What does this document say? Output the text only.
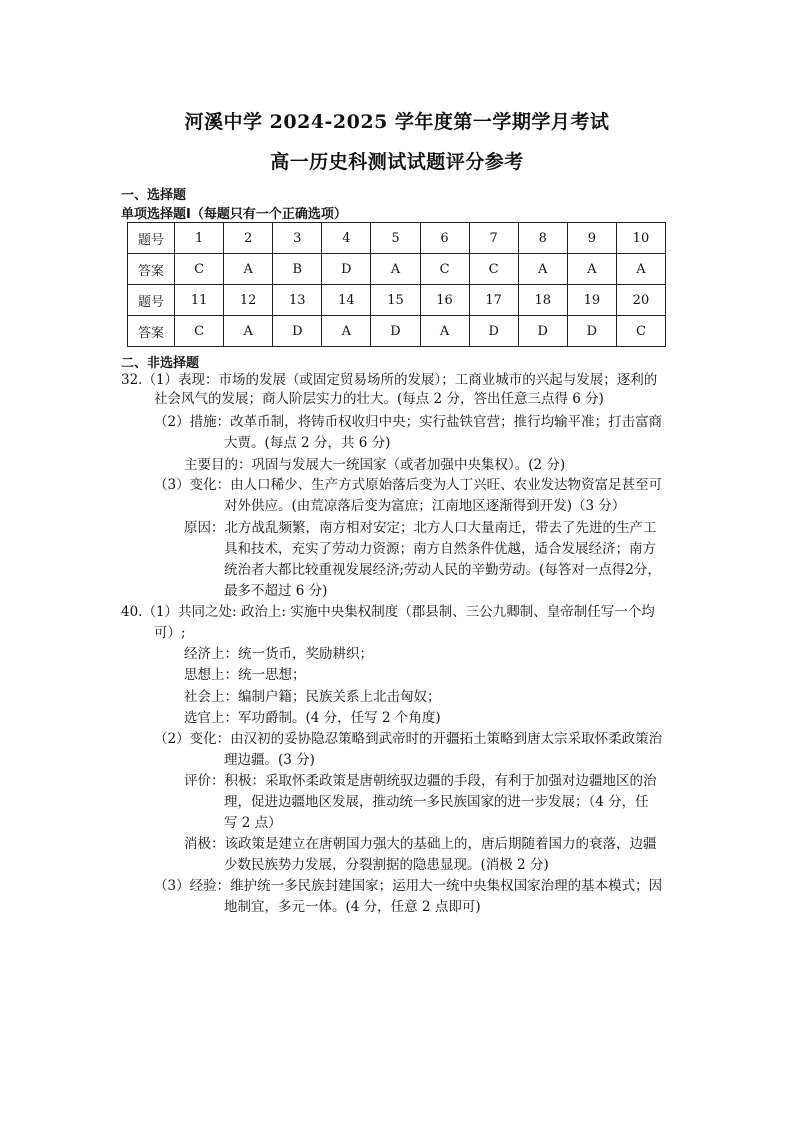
河溪中学 2024-2025 学年度第一学期学月考试
高一历史科测试试题评分参考
一、选择题
单项选择题Ⅰ（每题只有一个正确选项）
题号	1	2	3	4	5	6	7	8	9	10
答案	C	A	B	D	A	C	C	A	A	A
题号	11	12	13	14	15	16	17	18	19	20
答案	C	A	D	A	D	A	D	D	D	C
二、非选择题
32.（1）表现：市场的发展（或固定贸易场所的发展）；工商业城市的兴起与发展；逐利的
社会风气的发展；商人阶层实力的壮大。(每点 2 分，答出任意三点得 6 分)
（2）措施：改革币制，将铸币权收归中央；实行盐铁官营；推行均输平准；打击富商
大贾。(每点 2 分，共 6 分)
主要目的：巩固与发展大一统国家（或者加强中央集权）。(2 分)
（3）变化：由人口稀少、生产方式原始落后变为人丁兴旺、农业发达物资富足甚至可
对外供应。(由荒凉落后变为富庶；江南地区逐渐得到开发)（3 分）
原因：北方战乱频繁，南方相对安定；北方人口大量南迁，带去了先进的生产工
具和技术，充实了劳动力资源；南方自然条件优越，适合发展经济；南方
统治者大都比较重视发展经济;劳动人民的辛勤劳动。(每答对一点得2分，
最多不超过 6 分)
40.（1）共同之处: 政治上: 实施中央集权制度（郡县制、三公九卿制、皇帝制任写一个均
可）;
经济上：统一货币，奖励耕织；
思想上：统一思想；
社会上：编制户籍；民族关系上北击匈奴；
选官上：军功爵制。(4 分，任写 2 个角度)
（2）变化：由汉初的妥协隐忍策略到武帝时的开疆拓土策略到唐太宗采取怀柔政策治
理边疆。(3 分)
评价：积极：采取怀柔政策是唐朝统驭边疆的手段，有利于加强对边疆地区的治
理，促进边疆地区发展，推动统一多民族国家的进一步发展；（4 分，任
写 2 点）
消极：该政策是建立在唐朝国力强大的基础上的，唐后期随着国力的衰落，边疆
少数民族势力发展，分裂割据的隐患显现。(消极 2 分)
（3）经验：维护统一多民族封建国家；运用大一统中央集权国家治理的基本模式；因
地制宜，多元一体。(4 分，任意 2 点即可)
